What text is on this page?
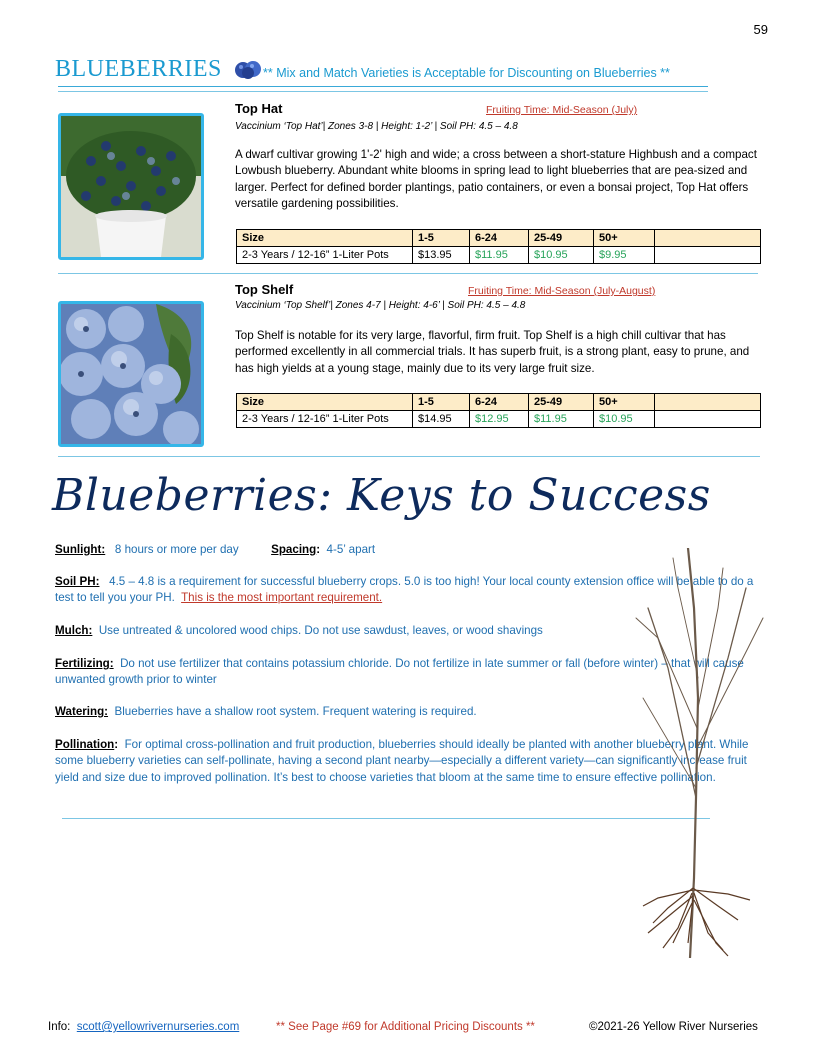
59
BLUEBERRIES	** Mix and Match Varieties is Acceptable for Discounting on Blueberries **
Top Hat	Fruiting Time: Mid-Season (July)
Vaccinium ‘Top Hat’| Zones 3-8 | Height: 1-2’ | Soil PH: 4.5 – 4.8
A dwarf cultivar growing 1'-2' high and wide; a cross between a short-stature Highbush and a compact Lowbush blueberry. Abundant white blooms in spring lead to light blueberries that are pea-sized and larger. Perfect for defined border plantings, patio containers, or even a bonsai project, Top Hat offers versatile gardening possibilities.
Size	1-5	6-24	25-49	50+	
2-3 Years / 12-16” 1-Liter Pots	$13.95	$11.95	$10.95	$9.95	
Top Shelf	Fruiting Time: Mid-Season (July-August)
Vaccinium ‘Top Shelf’| Zones 4-7 | Height: 4-6’ | Soil PH: 4.5 – 4.8
Top Shelf is notable for its very large, flavorful, firm fruit. Top Shelf is a high chill cultivar that has performed excellently in all commercial trials. It has superb fruit, is a strong plant, easy to prune, and has high yields at a young stage, mainly due to its very large fruit size.
Size	1-5	6-24	25-49	50+	
2-3 Years / 12-16” 1-Liter Pots	$14.95	$12.95	$11.95	$10.95	
Blueberries: Keys to Success
Sunlight: 8 hours or more per day	Spacing: 4-5’ apart
Soil PH: 4.5 – 4.8 is a requirement for successful blueberry crops. 5.0 is too high! Your local county extension office will be able to do a test to tell you your PH. This is the most important requirement.
Mulch: Use untreated & uncolored wood chips. Do not use sawdust, leaves, or wood shavings
Fertilizing: Do not use fertilizer that contains potassium chloride. Do not fertilize in late summer or fall (before winter) – that will cause unwanted growth prior to winter
Watering: Blueberries have a shallow root system. Frequent watering is required.
Pollination: For optimal cross-pollination and fruit production, blueberries should ideally be planted with another blueberry plant. While some blueberry varieties can self-pollinate, having a second plant nearby—especially a different variety—can significantly increase fruit yield and size due to improved pollination. It’s best to choose varieties that bloom at the same time to ensure effective pollination.
Info: scott@yellowrivernurseries.com	** See Page #69 for Additional Pricing Discounts **	©2021-26 Yellow River Nurseries
